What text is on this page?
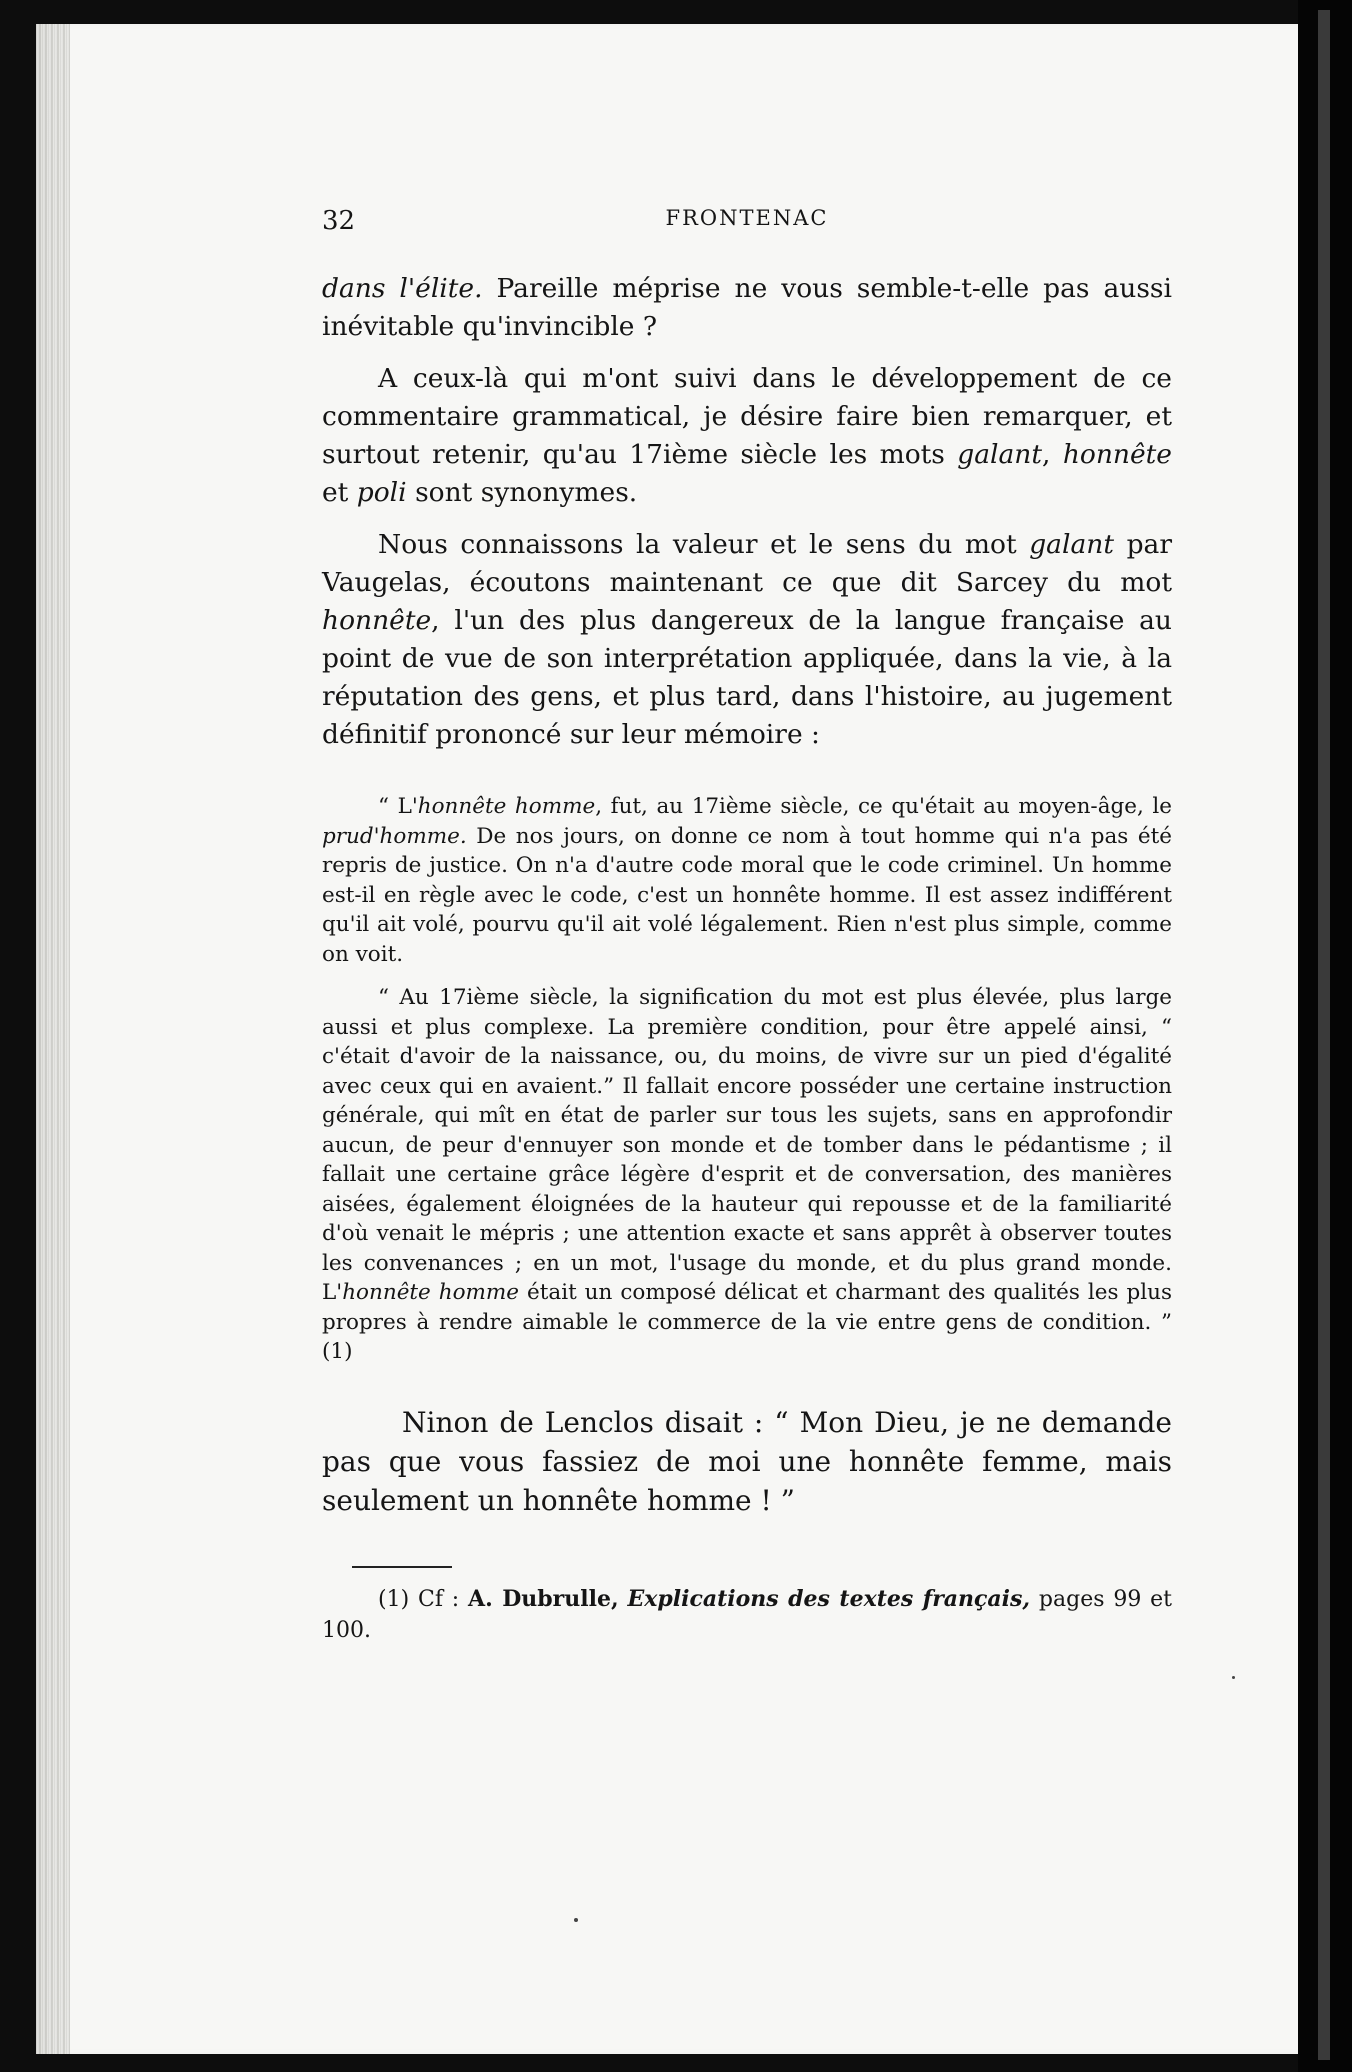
32	FRONTENAC

dans l'élite. Pareille méprise ne vous semble-t-elle pas aussi inévitable qu'invincible ?

A ceux-là qui m'ont suivi dans le développement de ce commentaire grammatical, je désire faire bien remarquer, et surtout retenir, qu'au 17ième siècle les mots galant, honnête et poli sont synonymes.

Nous connaissons la valeur et le sens du mot galant par Vaugelas, écoutons maintenant ce que dit Sarcey du mot honnête, l'un des plus dangereux de la langue française au point de vue de son interprétation appliquée, dans la vie, à la réputation des gens, et plus tard, dans l'histoire, au jugement définitif prononcé sur leur mémoire :

“ L'honnête homme, fut, au 17ième siècle, ce qu'était au moyen-âge, le prud'homme. De nos jours, on donne ce nom à tout homme qui n'a pas été repris de justice. On n'a d'autre code moral que le code criminel. Un homme est-il en règle avec le code, c'est un honnête homme. Il est assez indifférent qu'il ait volé, pourvu qu'il ait volé légalement. Rien n'est plus simple, comme on voit.

“ Au 17ième siècle, la signification du mot est plus élevée, plus large aussi et plus complexe. La première condition, pour être appelé ainsi, “ c'était d'avoir de la naissance, ou, du moins, de vivre sur un pied d'égalité avec ceux qui en avaient.” Il fallait encore posséder une certaine instruction générale, qui mît en état de parler sur tous les sujets, sans en approfondir aucun, de peur d'ennuyer son monde et de tomber dans le pédantisme ; il fallait une certaine grâce légère d'esprit et de conversation, des manières aisées, également éloignées de la hauteur qui repousse et de la familiarité d'où venait le mépris ; une attention exacte et sans apprêt à observer toutes les convenances ; en un mot, l'usage du monde, et du plus grand monde. L'honnête homme était un composé délicat et charmant des qualités les plus propres à rendre aimable le commerce de la vie entre gens de condition. ” (1)

Ninon de Lenclos disait : “ Mon Dieu, je ne demande pas que vous fassiez de moi une honnête femme, mais seulement un honnête homme ! ”

(1) Cf : A. Dubrulle, Explications des textes français, pages 99 et 100.
